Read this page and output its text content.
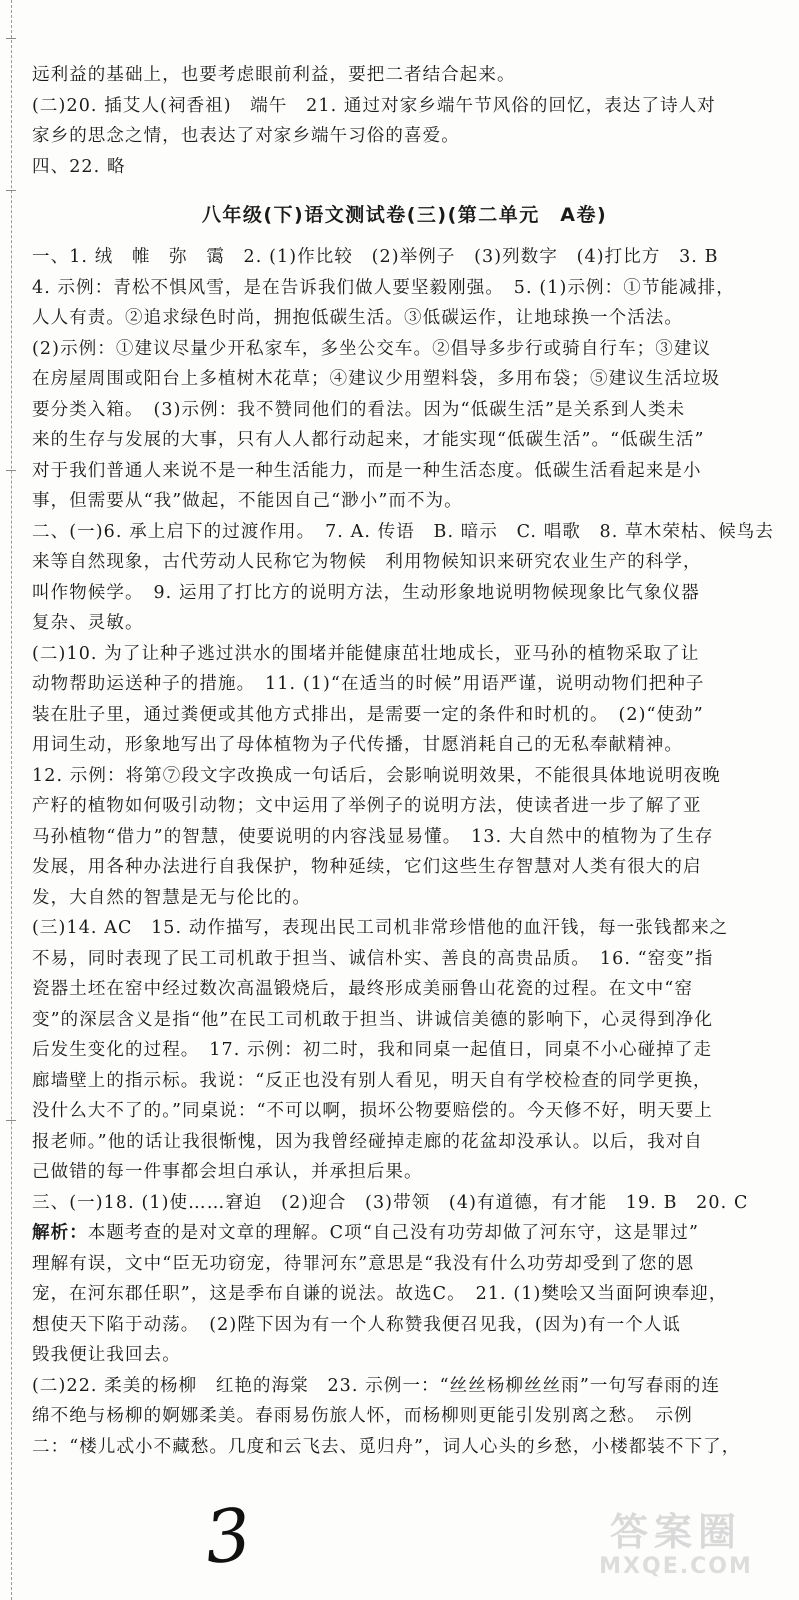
远利益的基础上，也要考虑眼前利益，要把二者结合起来。

(二)20. 插艾人(祠香祖)　端午　21. 通过对家乡端午节风俗的回忆，表达了诗人对

家乡的思念之情，也表达了对家乡端午习俗的喜爱。

四、22. 略

八年级(下)语文测试卷(三)(第二单元　A卷)

一、1. 绒　帷　弥　霭　2. (1)作比较　(2)举例子　(3)列数字　(4)打比方　3. B

4. 示例：青松不惧风雪，是在告诉我们做人要坚毅刚强。　5. (1)示例：①节能减排，

人人有责。②追求绿色时尚，拥抱低碳生活。③低碳运作，让地球换一个活法。

(2)示例：①建议尽量少开私家车，多坐公交车。②倡导多步行或骑自行车；③建议

在房屋周围或阳台上多植树木花草；④建议少用塑料袋，多用布袋；⑤建议生活垃圾

要分类入箱。　(3)示例：我不赞同他们的看法。因为“低碳生活”是关系到人类未

来的生存与发展的大事，只有人人都行动起来，才能实现“低碳生活”。“低碳生活”

对于我们普通人来说不是一种生活能力，而是一种生活态度。低碳生活看起来是小

事，但需要从“我”做起，不能因自己“渺小”而不为。

二、(一)6. 承上启下的过渡作用。　7. A. 传语　B. 暗示　C. 唱歌　8. 草木荣枯、候鸟去

来等自然现象，古代劳动人民称它为物候　利用物候知识来研究农业生产的科学，

叫作物候学。　9. 运用了打比方的说明方法，生动形象地说明物候现象比气象仪器

复杂、灵敏。

(二)10. 为了让种子逃过洪水的围堵并能健康茁壮地成长，亚马孙的植物采取了让

动物帮助运送种子的措施。　11. (1)“在适当的时候”用语严谨，说明动物们把种子

装在肚子里，通过粪便或其他方式排出，是需要一定的条件和时机的。　(2)“使劲”

用词生动，形象地写出了母体植物为子代传播，甘愿消耗自己的无私奉献精神。

12. 示例：将第⑦段文字改换成一句话后，会影响说明效果，不能很具体地说明夜晚

产籽的植物如何吸引动物；文中运用了举例子的说明方法，使读者进一步了解了亚

马孙植物“借力”的智慧，使要说明的内容浅显易懂。　13. 大自然中的植物为了生存

发展，用各种办法进行自我保护，物种延续，它们这些生存智慧对人类有很大的启

发，大自然的智慧是无与伦比的。

(三)14. AC　15. 动作描写，表现出民工司机非常珍惜他的血汗钱，每一张钱都来之

不易，同时表现了民工司机敢于担当、诚信朴实、善良的高贵品质。　16. “窑变”指

瓷器土坯在窑中经过数次高温锻烧后，最终形成美丽鲁山花瓷的过程。在文中“窑

变”的深层含义是指“他”在民工司机敢于担当、讲诚信美德的影响下，心灵得到净化

后发生变化的过程。　17. 示例：初二时，我和同桌一起值日，同桌不小心碰掉了走

廊墙壁上的指示标。我说：“反正也没有别人看见，明天自有学校检查的同学更换，

没什么大不了的。”同桌说：“不可以啊，损坏公物要赔偿的。今天修不好，明天要上

报老师。”他的话让我很惭愧，因为我曾经碰掉走廊的花盆却没承认。以后，我对自

己做错的每一件事都会坦白承认，并承担后果。

三、(一)18. (1)使……窘迫　(2)迎合　(3)带领　(4)有道德，有才能　19. B　20. C

解析：本题考查的是对文章的理解。C项“自己没有功劳却做了河东守，这是罪过”

理解有误，文中“臣无功窃宠，待罪河东”意思是“我没有什么功劳却受到了您的恩

宠，在河东郡任职”，这是季布自谦的说法。故选C。　21. (1)樊哙又当面阿谀奉迎，

想使天下陷于动荡。　(2)陛下因为有一个人称赞我便召见我，(因为)有一个人诋

毁我便让我回去。

(二)22. 柔美的杨柳　红艳的海棠　23. 示例一：“丝丝杨柳丝丝雨”一句写春雨的连

绵不绝与杨柳的婀娜柔美。春雨易伤旅人怀，而杨柳则更能引发别离之愁。　示例

二：“楼儿忒小不藏愁。几度和云飞去、觅归舟”，词人心头的乡愁，小楼都装不下了，

3	答案圈
MXQE.COM
